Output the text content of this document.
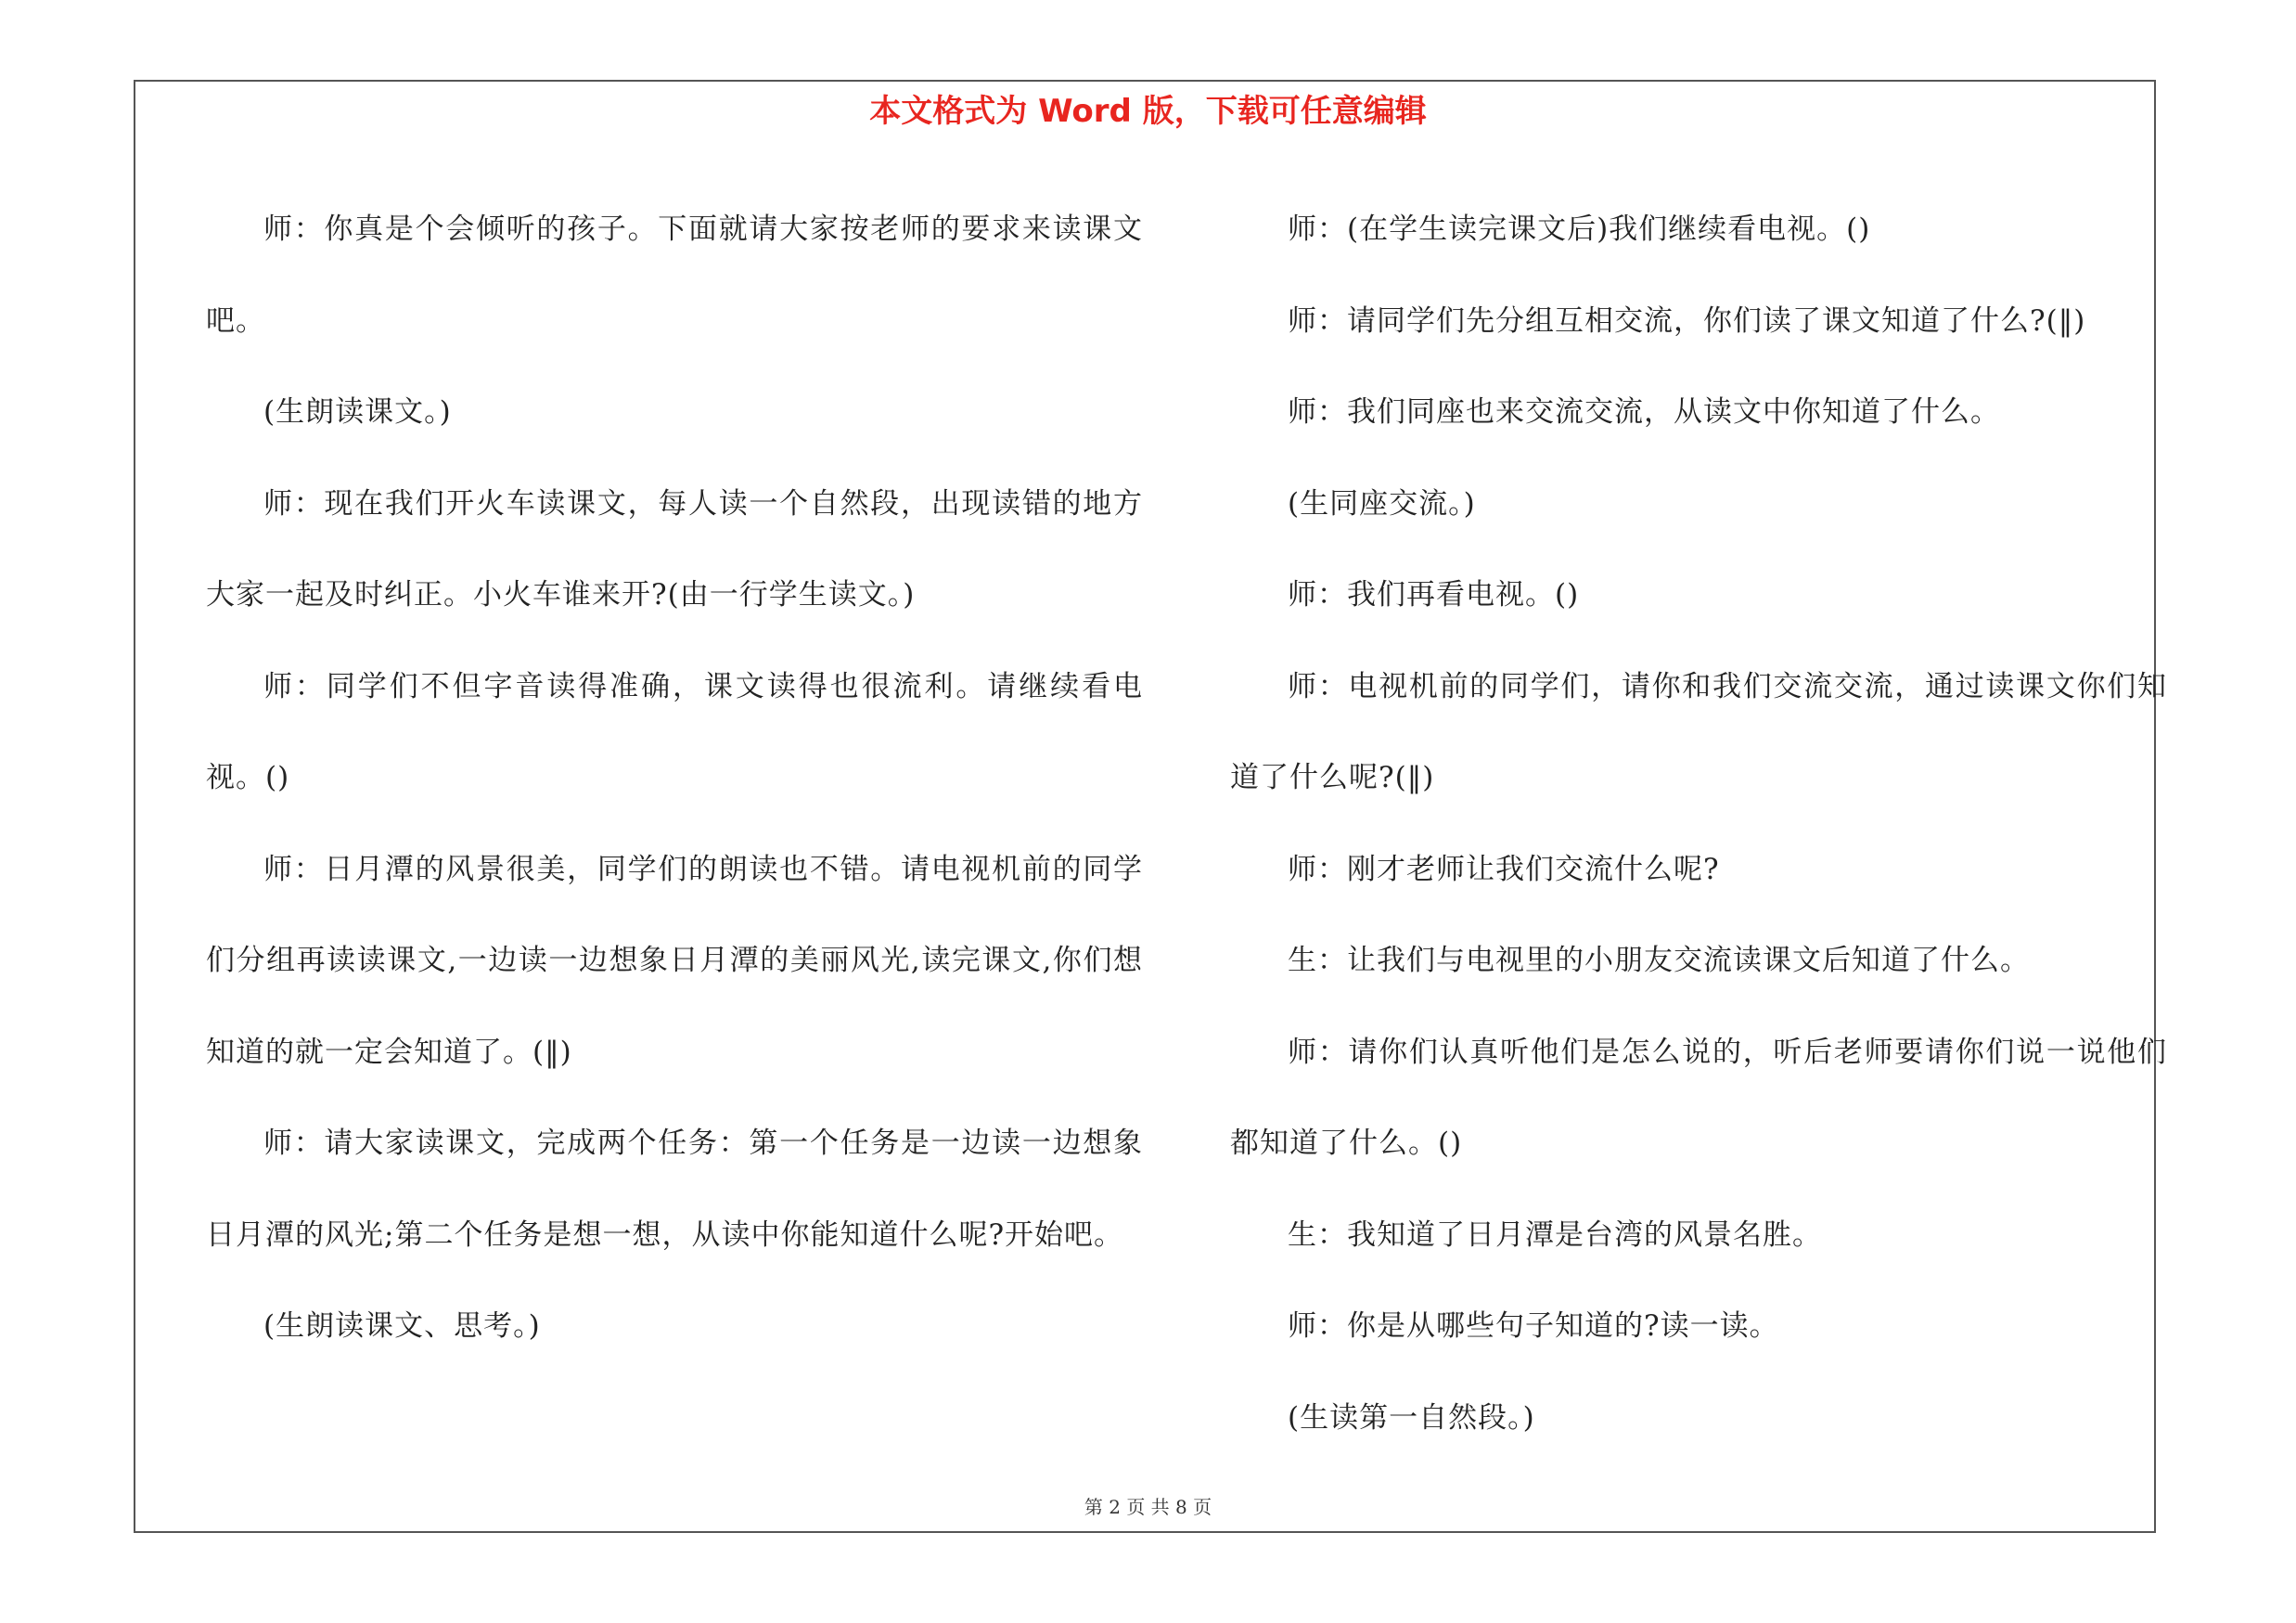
本文格式为 Word 版，下载可任意编辑
师：你真是个会倾听的孩子。下面就请大家按老师的要求来读课文吧。
(生朗读课文。)
师：现在我们开火车读课文，每人读一个自然段，出现读错的地方大家一起及时纠正。小火车谁来开?(由一行学生读文。)
师：同学们不但字音读得准确，课文读得也很流利。请继续看电视。()
师：日月潭的风景很美，同学们的朗读也不错。请电视机前的同学们分组再读读课文,一边读一边想象日月潭的美丽风光,读完课文,你们想知道的就一定会知道了。(‖)
师：请大家读课文，完成两个任务：第一个任务是一边读一边想象日月潭的风光;第二个任务是想一想，从读中你能知道什么呢?开始吧。
(生朗读课文、思考。)
师：(在学生读完课文后)我们继续看电视。()
师：请同学们先分组互相交流，你们读了课文知道了什么?(‖)
师：我们同座也来交流交流，从读文中你知道了什么。
(生同座交流。)
师：我们再看电视。()
师：电视机前的同学们，请你和我们交流交流，通过读课文你们知道了什么呢?(‖)
师：刚才老师让我们交流什么呢?
生：让我们与电视里的小朋友交流读课文后知道了什么。
师：请你们认真听他们是怎么说的，听后老师要请你们说一说他们都知道了什么。()
生：我知道了日月潭是台湾的风景名胜。
师：你是从哪些句子知道的?读一读。
(生读第一自然段。)
第 2 页 共 8 页
